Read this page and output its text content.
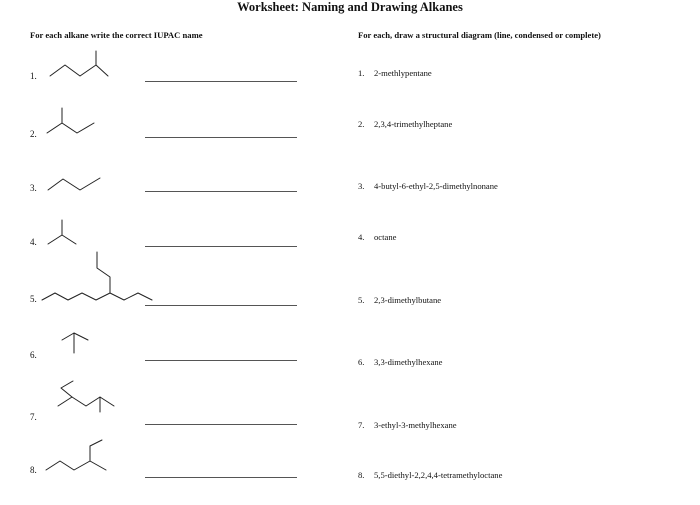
Worksheet: Naming and Drawing Alkanes
For each alkane write the correct IUPAC name	For each, draw a structural diagram (line, condensed or complete)
1.
2.
3.
4.
5.
6.
7.
8.
1. 2-methlypentane
2. 2,3,4-trimethylheptane
3. 4-butyl-6-ethyl-2,5-dimethylnonane
4. octane
5. 2,3-dimethylbutane
6. 3,3-dimethylhexane
7. 3-ethyl-3-methylhexane
8. 5,5-diethyl-2,2,4,4-tetramethyloctane
